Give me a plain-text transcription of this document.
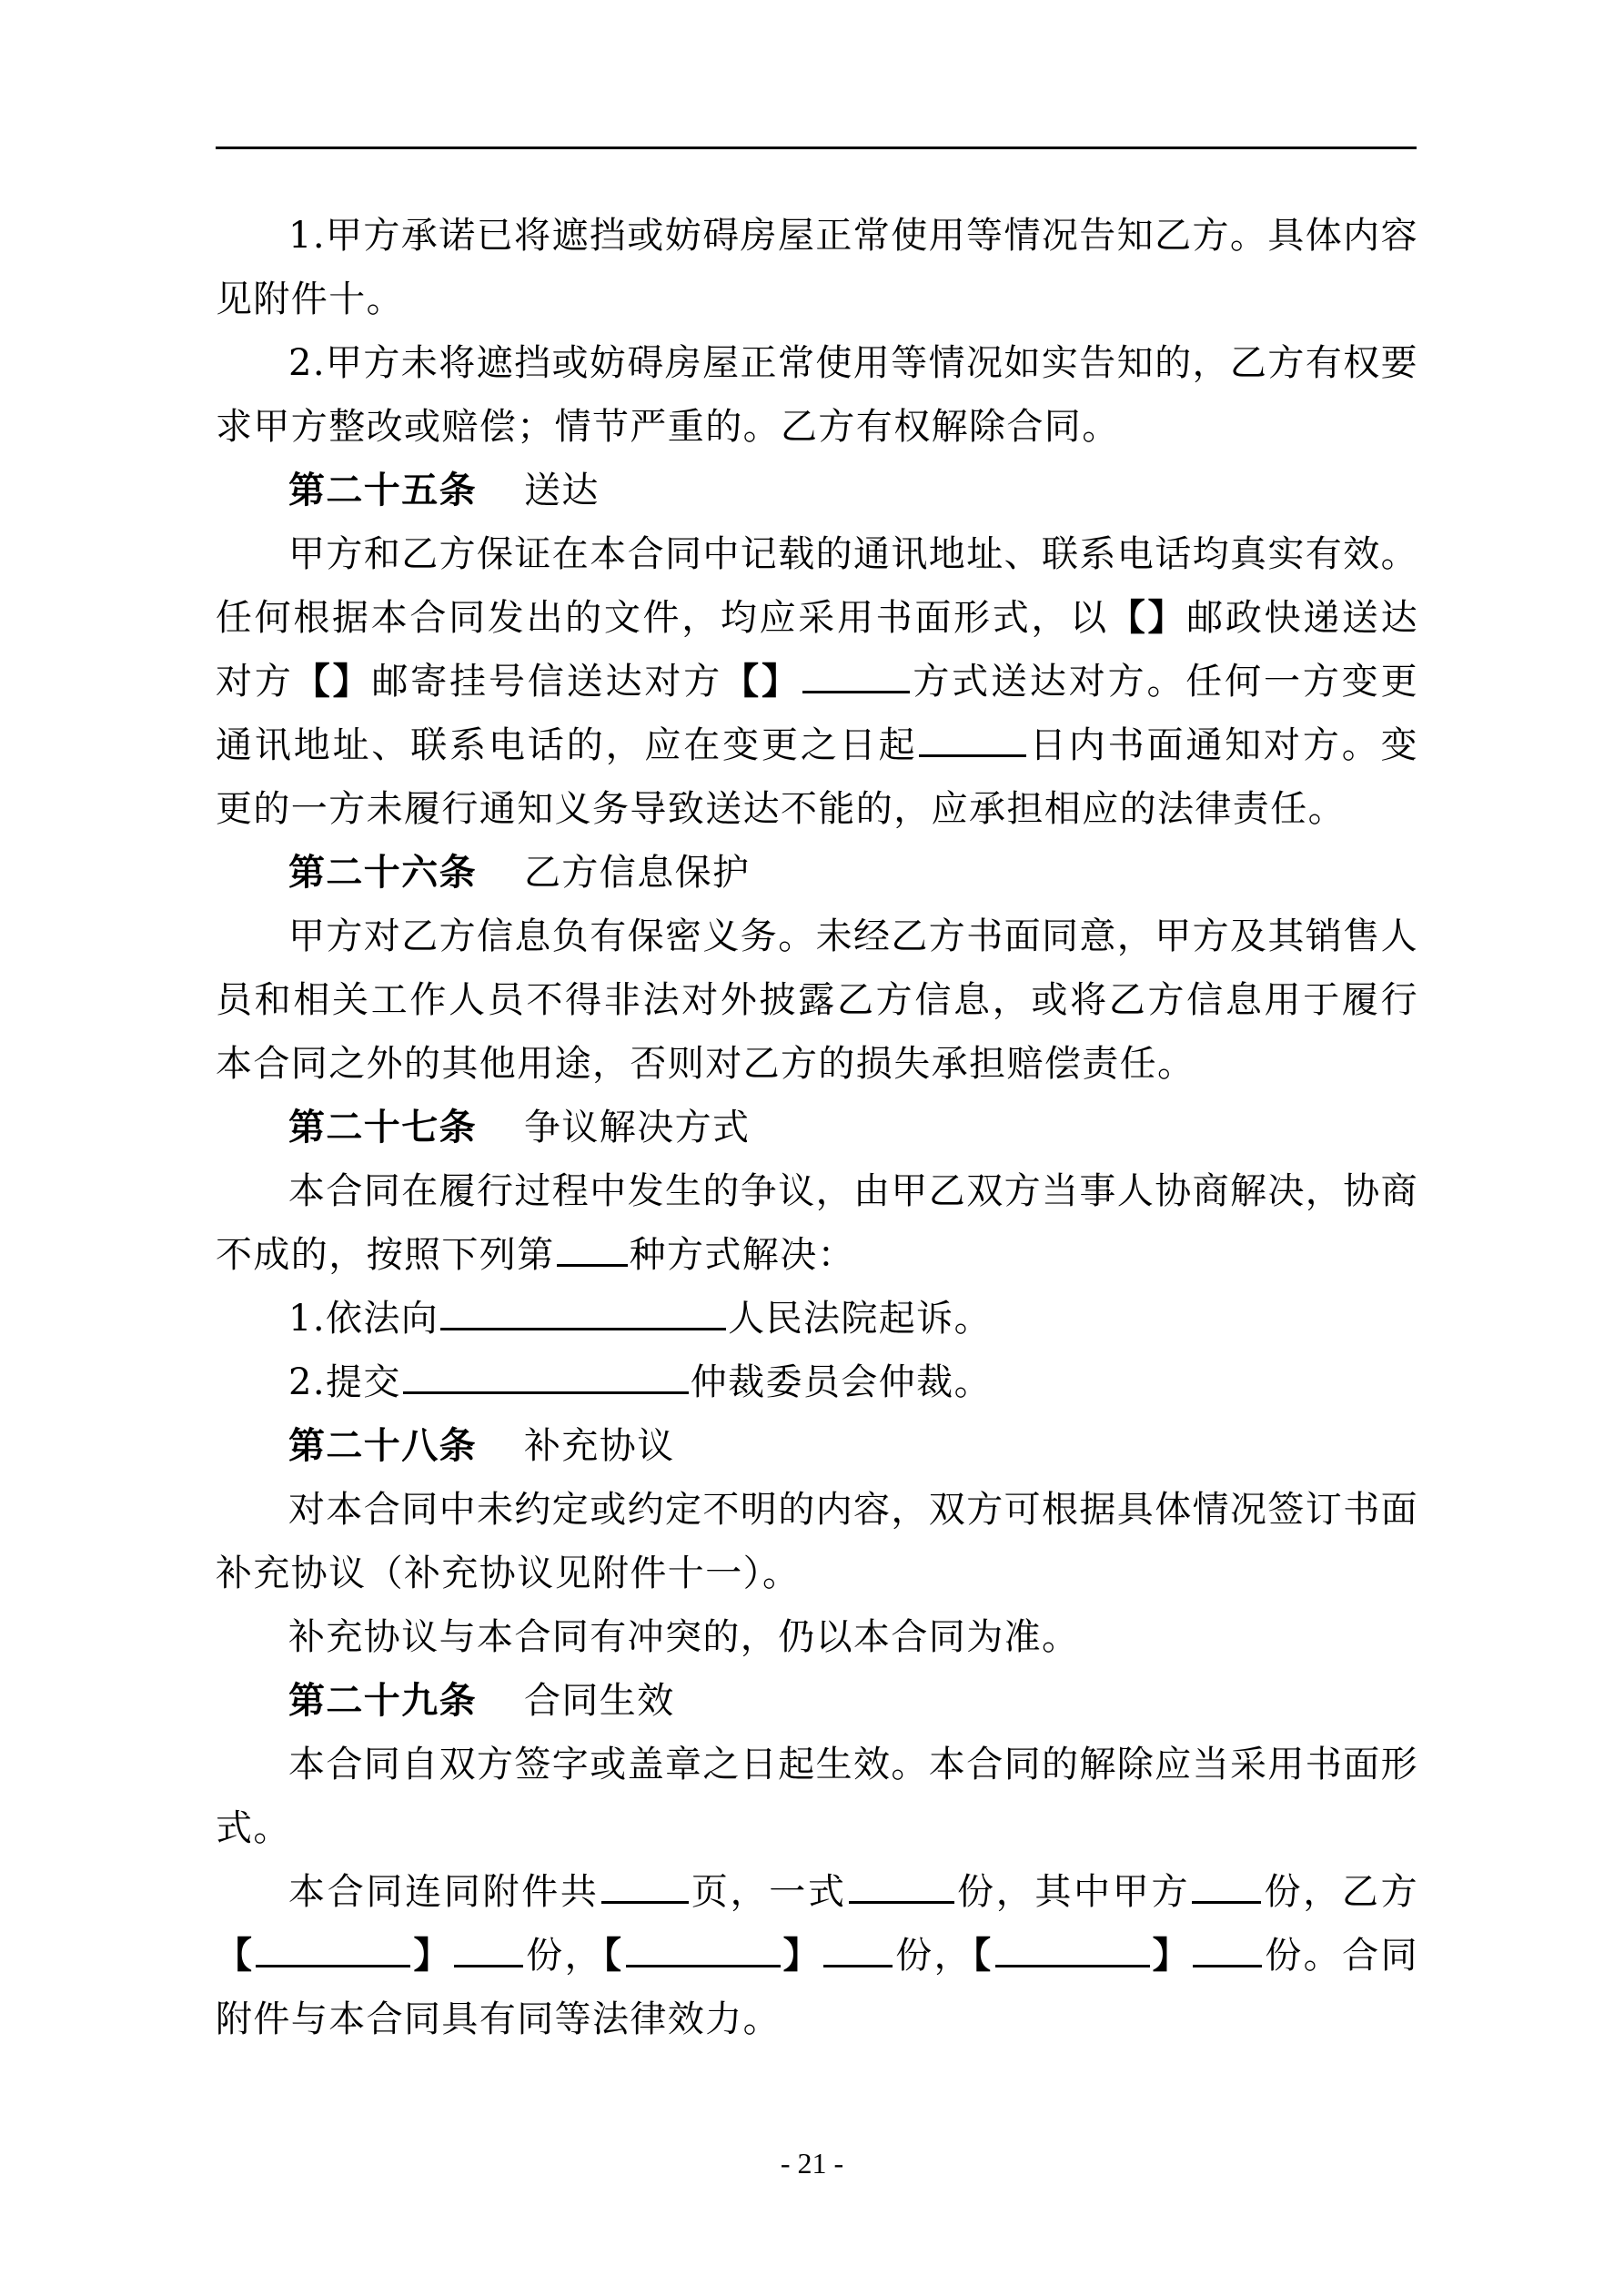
1.甲方承诺已将遮挡或妨碍房屋正常使用等情况告知乙方。具体内容见附件十。

2.甲方未将遮挡或妨碍房屋正常使用等情况如实告知的，乙方有权要求甲方整改或赔偿；情节严重的。乙方有权解除合同。

第二十五条 送达

甲方和乙方保证在本合同中记载的通讯地址、联系电话均真实有效。任何根据本合同发出的文件，均应采用书面形式，以【】邮政快递送达对方【】邮寄挂号信送达对方【】	方式送达对方。任何一方变更通讯地址、联系电话的，应在变更之日起	日内书面通知对方。变更的一方未履行通知义务导致送达不能的，应承担相应的法律责任。

第二十六条 乙方信息保护

甲方对乙方信息负有保密义务。未经乙方书面同意，甲方及其销售人员和相关工作人员不得非法对外披露乙方信息，或将乙方信息用于履行本合同之外的其他用途，否则对乙方的损失承担赔偿责任。

第二十七条 争议解决方式

本合同在履行过程中发生的争议，由甲乙双方当事人协商解决，协商不成的，按照下列第 种方式解决：

1.依法向	人民法院起诉。

2.提交	仲裁委员会仲裁。

第二十八条 补充协议

对本合同中未约定或约定不明的内容，双方可根据具体情况签订书面补充协议（补充协议见附件十一）。

补充协议与本合同有冲突的，仍以本合同为准。

第二十九条 合同生效

本合同自双方签字或盖章之日起生效。本合同的解除应当采用书面形式。

本合同连同附件共	页，一式	份，其中甲方 份，乙方【	】 份，【	】 份，【	】 份。合同附件与本合同具有同等法律效力。

- 21 -
